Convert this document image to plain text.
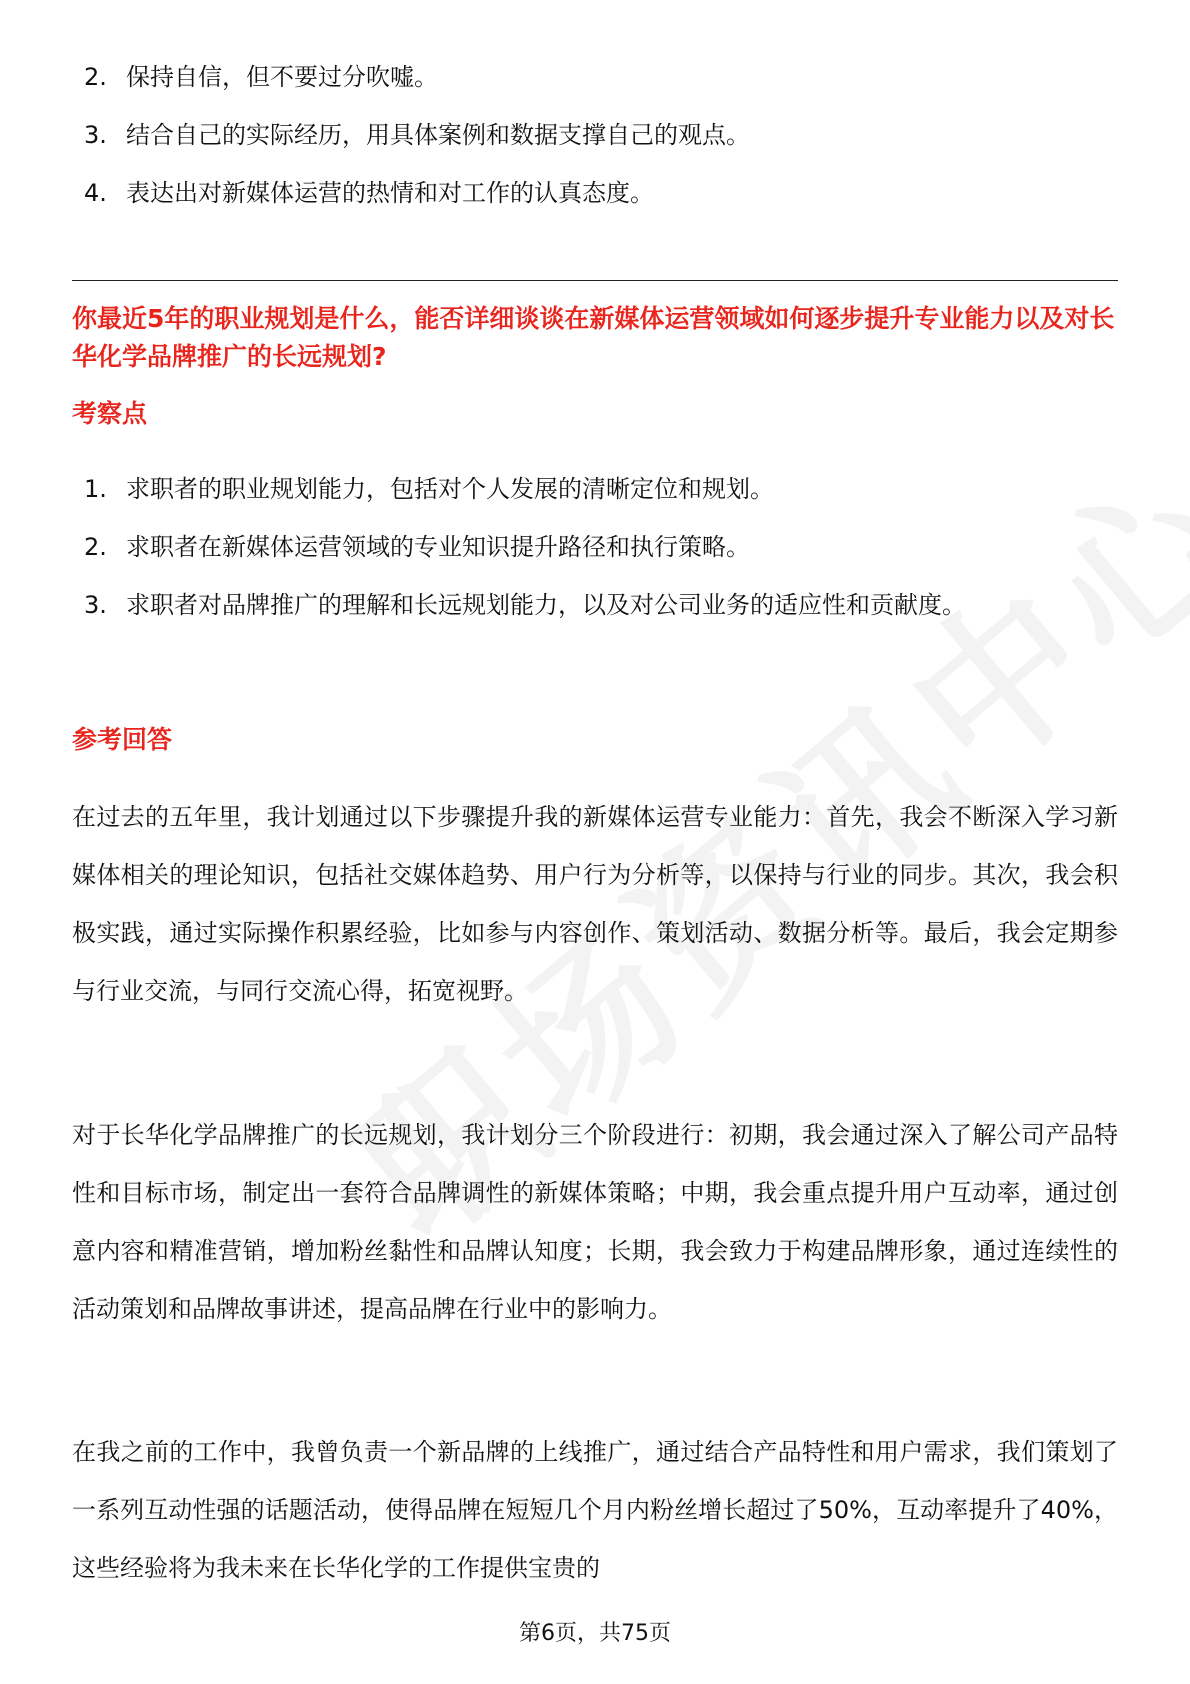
2. 保持自信，但不要过分吹嘘。
3. 结合自己的实际经历，用具体案例和数据支撑自己的观点。
4. 表达出对新媒体运营的热情和对工作的认真态度。
你最近5年的职业规划是什么，能否详细谈谈在新媒体运营领域如何逐步提升专业能力以及对长华化学品牌推广的长远规划?
考察点
1. 求职者的职业规划能力，包括对个人发展的清晰定位和规划。
2. 求职者在新媒体运营领域的专业知识提升路径和执行策略。
3. 求职者对品牌推广的理解和长远规划能力，以及对公司业务的适应性和贡献度。
参考回答

在过去的五年里，我计划通过以下步骤提升我的新媒体运营专业能力：首先，我会不断深入学习新媒体相关的理论知识，包括社交媒体趋势、用户行为分析等，以保持与行业的同步。其次，我会积极实践，通过实际操作积累经验，比如参与内容创作、策划活动、数据分析等。最后，我会定期参与行业交流，与同行交流心得，拓宽视野。

对于长华化学品牌推广的长远规划，我计划分三个阶段进行：初期，我会通过深入了解公司产品特性和目标市场，制定出一套符合品牌调性的新媒体策略；中期，我会重点提升用户互动率，通过创意内容和精准营销，增加粉丝黏性和品牌认知度；长期，我会致力于构建品牌形象，通过连续性的活动策划和品牌故事讲述，提高品牌在行业中的影响力。

在我之前的工作中，我曾负责一个新品牌的上线推广，通过结合产品特性和用户需求，我们策划了一系列互动性强的话题活动，使得品牌在短短几个月内粉丝增长超过了50%，互动率提升了40%，这些经验将为我未来在长华化学的工作提供宝贵的

第6页，共75页
